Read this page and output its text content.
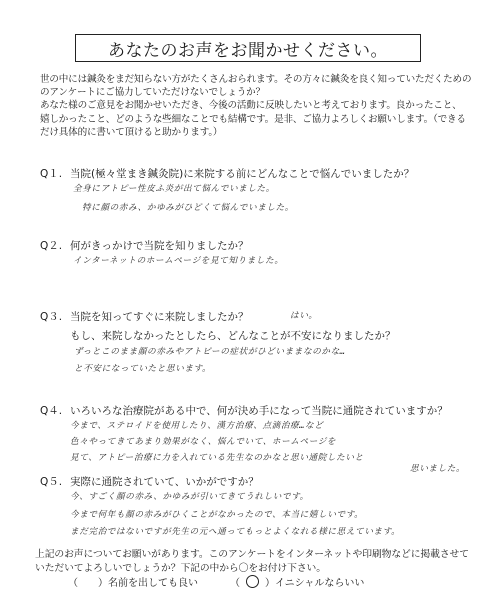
あなたのお声をお聞かせください。
世の中には鍼灸をまだ知らない方がたくさんおられます。その方々に鍼灸を良く知っていただくための
のアンケートにご協力していただけないでしょうか？
あなた様のご意見をお聞かせいただき、今後の活動に反映したいと考えております。良かったこと、
嬉しかったこと、どのような些細なことでも結構です。是非、ご協力よろしくお願いします。（できる
だけ具体的に書いて頂けると助かります。）
Q１. 当院(極々堂まき鍼灸院)に来院する前にどんなことで悩んでいましたか？
全身にアトピー性皮ふ炎が出て悩んでいました。
特に顔の赤み、かゆみがひどくて悩んでいました。
Q２. 何がきっかけで当院を知りましたか？
インターネットのホームページを見て知りました。
Q３. 当院を知ってすぐに来院しましたか？	はい。
もし、来院しなかったとしたら、どんなことが不安になりましたか？
ずっとこのまま顔の赤みやアトピーの症状がひどいままなのかな…
と不安になっていたと思います。
Q４. いろいろな治療院がある中で、何が決め手になって当院に通院されていますか？
今まで、ステロイドを使用したり、漢方治療、点滴治療…など
色々やってきてあまり効果がなく、悩んでいて、ホームページを
見て、アトピー治療に力を入れている先生なのかなと思い通院したいと
思いました。
Q５. 実際に通院されていて、いかがですか？
今、すごく顔の赤み、かゆみが引いてきてうれしいです。
今まで何年も顔の赤みがひくことがなかったので、本当に嬉しいです。
まだ完治ではないですが先生の元へ通ってもっとよくなれる様に思えています。
上記のお声についてお願いがあります。このアンケートをインターネットや印刷物などに掲載させて
いただいてよろしいでしょうか？下記の中から〇をお付け下さい。
（　　）名前を出しても良い	（	）イニシャルならいい
